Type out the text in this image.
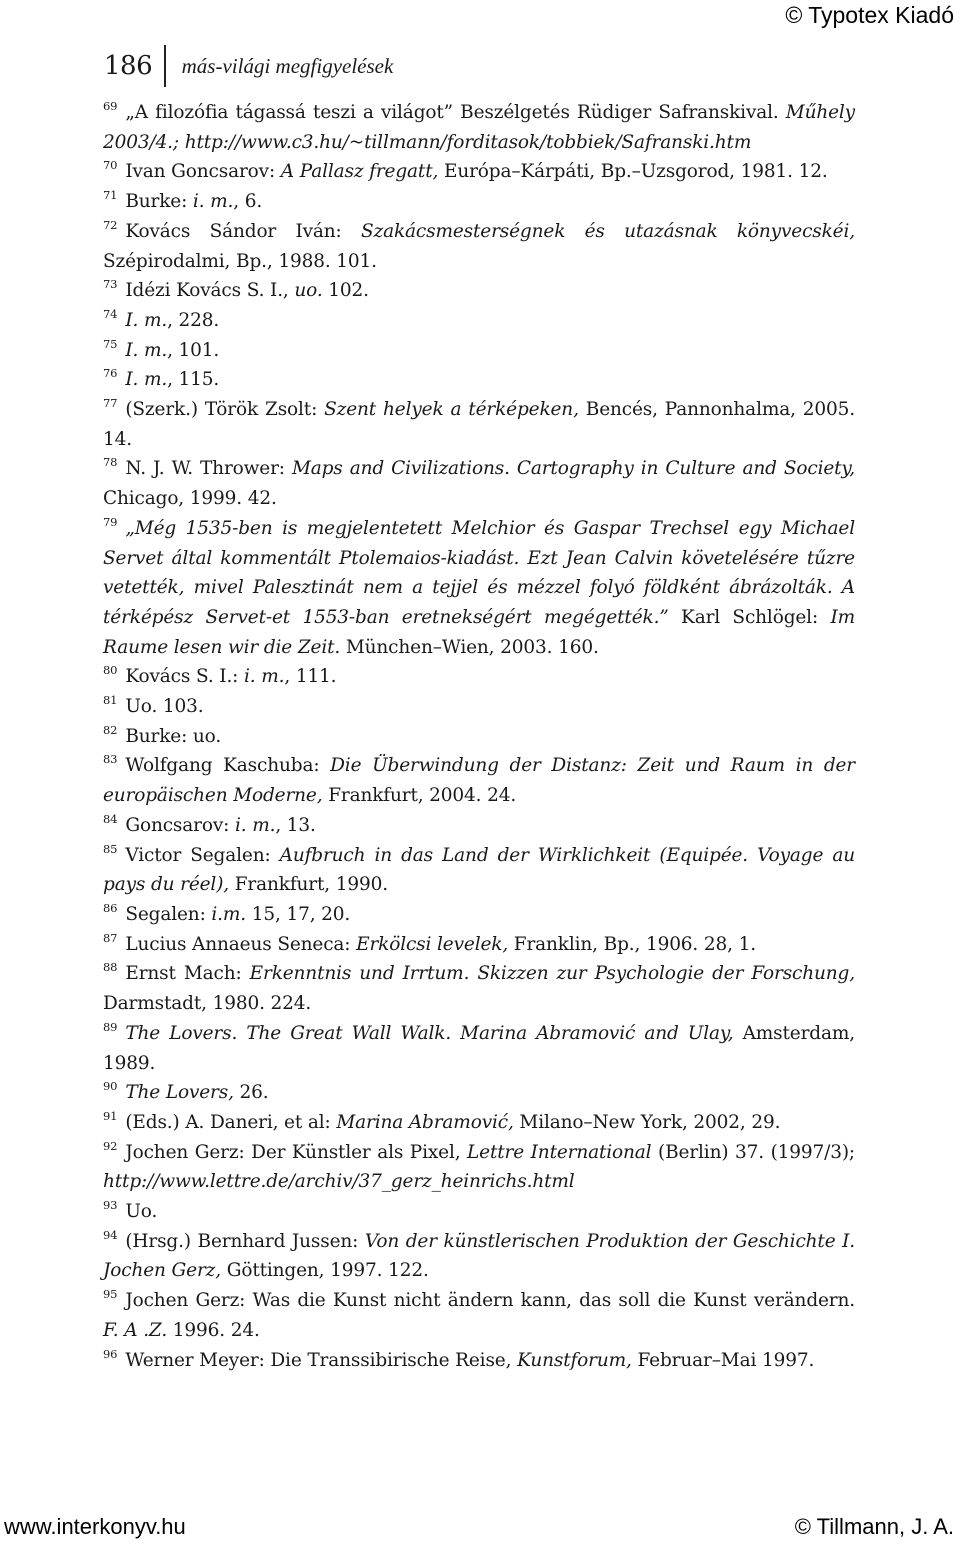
© Typotex Kiadó
186 más-világi megfigyelések
$^{69}$ „A filozófia tágassá teszi a világot” Beszélgetés Rüdiger Safranskival. Műhely 2003/4.; http://www.c3.hu/~tillmann/forditasok/tobbiek/Safranski.htm
$^{70}$ Ivan Goncsarov: A Pallasz fregatt, Európa–Kárpáti, Bp.–Uzsgorod, 1981. 12.
$^{71}$ Burke: i. m., 6.
$^{72}$ Kovács Sándor Iván: Szakácsmesterségnek és utazásnak könyvecskéi, Szépirodalmi, Bp., 1988. 101.
$^{73}$ Idézi Kovács S. I., uo. 102.
$^{74}$ I. m., 228.
$^{75}$ I. m., 101.
$^{76}$ I. m., 115.
$^{77}$ (Szerk.) Török Zsolt: Szent helyek a térképeken, Bencés, Pannonhalma, 2005. 14.
$^{78}$ N. J. W. Thrower: Maps and Civilizations. Cartography in Culture and Society, Chicago, 1999. 42.
$^{79}$ „Még 1535-ben is megjelentetett Melchior és Gaspar Trechsel egy Michael Servet által kommentált Ptolemaios-kiadást. Ezt Jean Calvin követelésére tűzre vetették, mivel Palesztinát nem a tejjel és mézzel folyó földként ábrázolták. A térképész Servet-et 1553-ban eretnekségért megégették.” Karl Schlögel: Im Raume lesen wir die Zeit. München–Wien, 2003. 160.
$^{80}$ Kovács S. I.: i. m., 111.
$^{81}$ Uo. 103.
$^{82}$ Burke: uo.
$^{83}$ Wolfgang Kaschuba: Die Überwindung der Distanz: Zeit und Raum in der europäischen Moderne, Frankfurt, 2004. 24.
$^{84}$ Goncsarov: i. m., 13.
$^{85}$ Victor Segalen: Aufbruch in das Land der Wirklichkeit (Equipée. Voyage au pays du réel), Frankfurt, 1990.
$^{86}$ Segalen: i.m. 15, 17, 20.
$^{87}$ Lucius Annaeus Seneca: Erkölcsi levelek, Franklin, Bp., 1906. 28, 1.
$^{88}$ Ernst Mach: Erkenntnis und Irrtum. Skizzen zur Psychologie der Forschung, Darmstadt, 1980. 224.
$^{89}$ The Lovers. The Great Wall Walk. Marina Abramović and Ulay, Amsterdam, 1989.
$^{90}$ The Lovers, 26.
$^{91}$ (Eds.) A. Daneri, et al: Marina Abramović, Milano–New York, 2002, 29.
$^{92}$ Jochen Gerz: Der Künstler als Pixel, Lettre International (Berlin) 37. (1997/3); http://www.lettre.de/archiv/37_gerz_heinrichs.html
$^{93}$ Uo.
$^{94}$ (Hrsg.) Bernhard Jussen: Von der künstlerischen Produktion der Geschichte I. Jochen Gerz, Göttingen, 1997. 122.
$^{95}$ Jochen Gerz: Was die Kunst nicht ändern kann, das soll die Kunst verändern. F. A .Z. 1996. 24.
$^{96}$ Werner Meyer: Die Transsibirische Reise, Kunstforum, Februar–Mai 1997.
www.interkonyv.hu	© Tillmann, J. A.
